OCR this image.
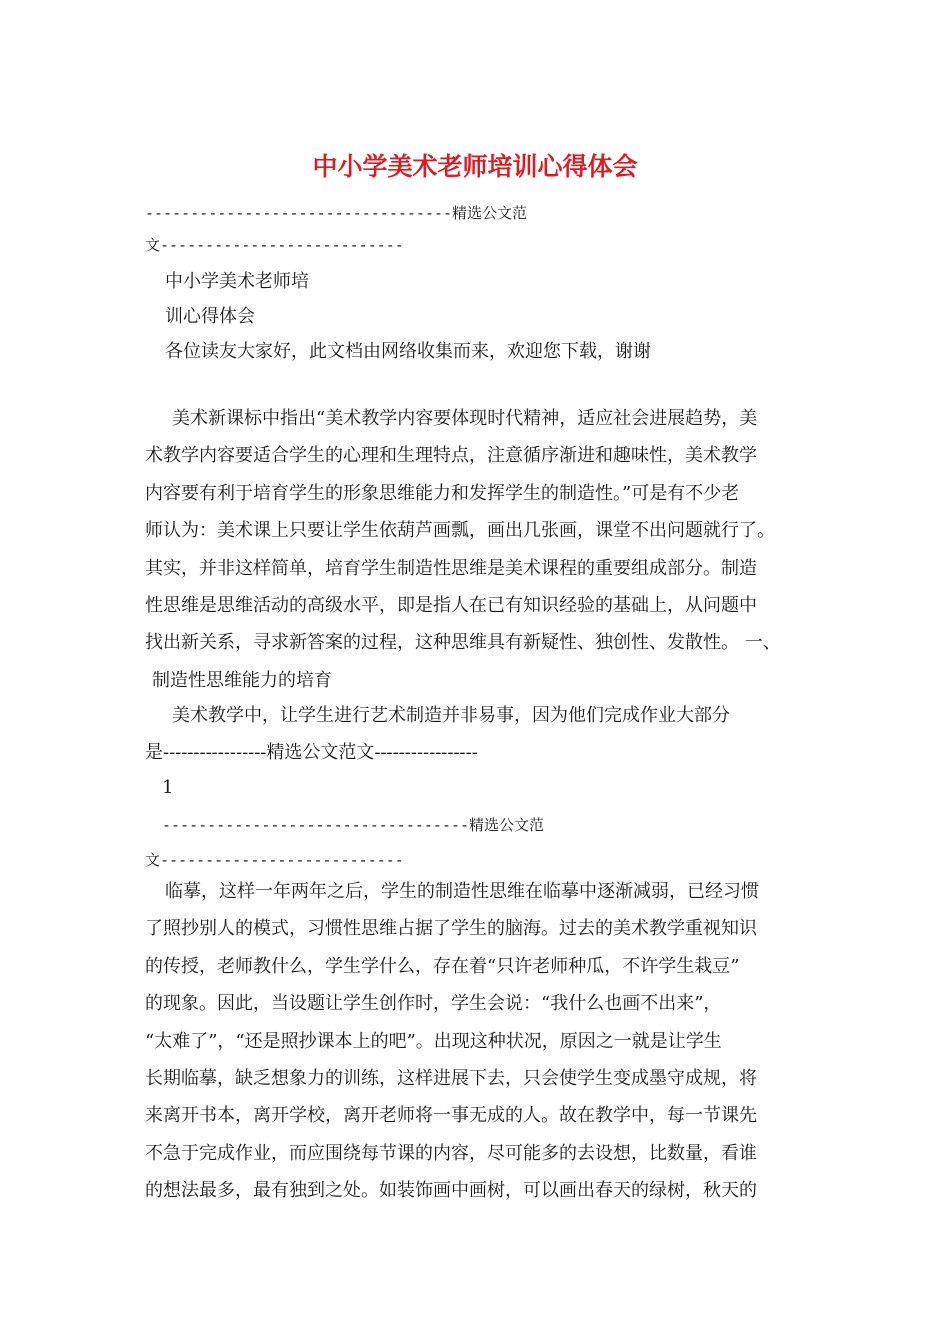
中小学美术老师培训心得体会
----------------------------------精选公文范
文---------------------------
中小学美术老师培
训心得体会
各位读友大家好，此文档由网络收集而来，欢迎您下载，谢谢
美术新课标中指出“美术教学内容要体现时代精神，适应社会进展趋势，美
术教学内容要适合学生的心理和生理特点，注意循序渐进和趣味性，美术教学
内容要有利于培育学生的形象思维能力和发挥学生的制造性。”可是有不少老
师认为：美术课上只要让学生依葫芦画瓢，画出几张画，课堂不出问题就行了。
其实，并非这样简单，培育学生制造性思维是美术课程的重要组成部分。制造
性思维是思维活动的高级水平，即是指人在已有知识经验的基础上，从问题中
找出新关系，寻求新答案的过程，这种思维具有新疑性、独创性、发散性。 一、
制造性思维能力的培育
美术教学中，让学生进行艺术制造并非易事，因为他们完成作业大部分
是-----------------精选公文范文-----------------
1
----------------------------------精选公文范
文---------------------------
临摹，这样一年两年之后，学生的制造性思维在临摹中逐渐减弱，已经习惯
了照抄别人的模式，习惯性思维占据了学生的脑海。过去的美术教学重视知识
的传授，老师教什么，学生学什么，存在着“只许老师种瓜，不许学生栽豆”
的现象。因此，当设题让学生创作时，学生会说：“我什么也画不出来”，
“太难了”，“还是照抄课本上的吧”。出现这种状况，原因之一就是让学生
长期临摹，缺乏想象力的训练，这样进展下去，只会使学生变成墨守成规，将
来离开书本，离开学校，离开老师将一事无成的人。故在教学中，每一节课先
不急于完成作业，而应围绕每节课的内容，尽可能多的去设想，比数量，看谁
的想法最多，最有独到之处。如装饰画中画树，可以画出春天的绿树，秋天的
